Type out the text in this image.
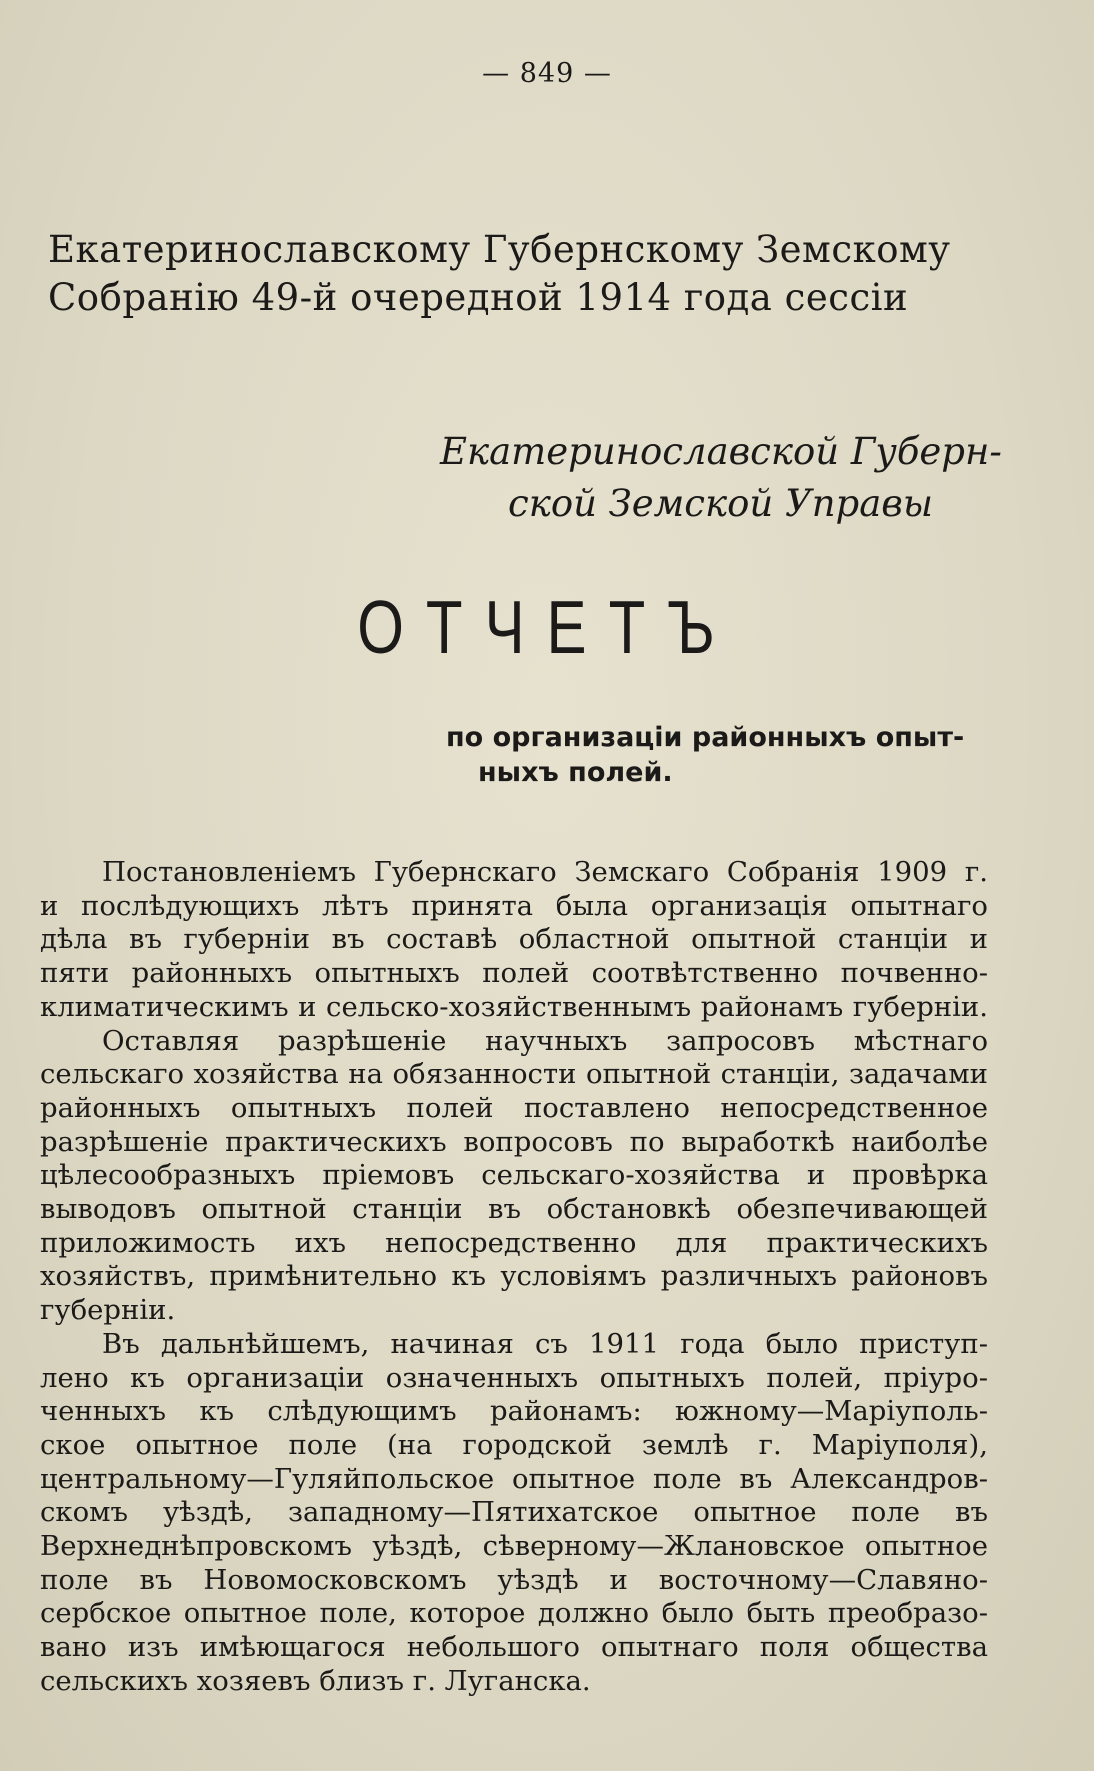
— 849 —
Екатеринославскому Губернскому Земскому
Собранію 49-й очередной 1914 года сессіи
Екатеринославской Губерн-
ской Земской Управы
ОТЧЕТЪ
по организаціи районныхъ опыт-
ныхъ полей.
Постановленіемъ Губернскаго Земскаго Собранія 1909 г.
и послѣдующихъ лѣтъ принята была организація опытнаго
дѣла въ губерніи въ составѣ областной опытной станціи и
пяти районныхъ опытныхъ полей соотвѣтственно почвенно-
климатическимъ и сельско-хозяйственнымъ районамъ губерніи.
Оставляя разрѣшеніе научныхъ запросовъ мѣстнаго
сельскаго хозяйства на обязанности опытной станціи, задачами
районныхъ опытныхъ полей поставлено непосредственное
разрѣшеніе практическихъ вопросовъ по выработкѣ наиболѣе
цѣлесообразныхъ пріемовъ сельскаго-хозяйства и провѣрка
выводовъ опытной станціи въ обстановкѣ обезпечивающей
приложимость ихъ непосредственно для практическихъ
хозяйствъ, примѣнительно къ условіямъ различныхъ районовъ
губерніи.
Въ дальнѣйшемъ, начиная съ 1911 года было приступ-
лено къ организаціи означенныхъ опытныхъ полей, пріуро-
ченныхъ къ слѣдующимъ районамъ: южному—Маріуполь-
ское опытное поле (на городской землѣ г. Маріуполя),
центральному—Гуляйпольское опытное поле въ Александров-
скомъ уѣздѣ, западному—Пятихатское опытное поле въ
Верхнеднѣпровскомъ уѣздѣ, сѣверному—Жлановское опытное
поле въ Новомосковскомъ уѣздѣ и восточному—Славяно-
сербское опытное поле, которое должно было быть преобразо-
вано изъ имѣющагося небольшого опытнаго поля общества
сельскихъ хозяевъ близъ г. Луганска.
